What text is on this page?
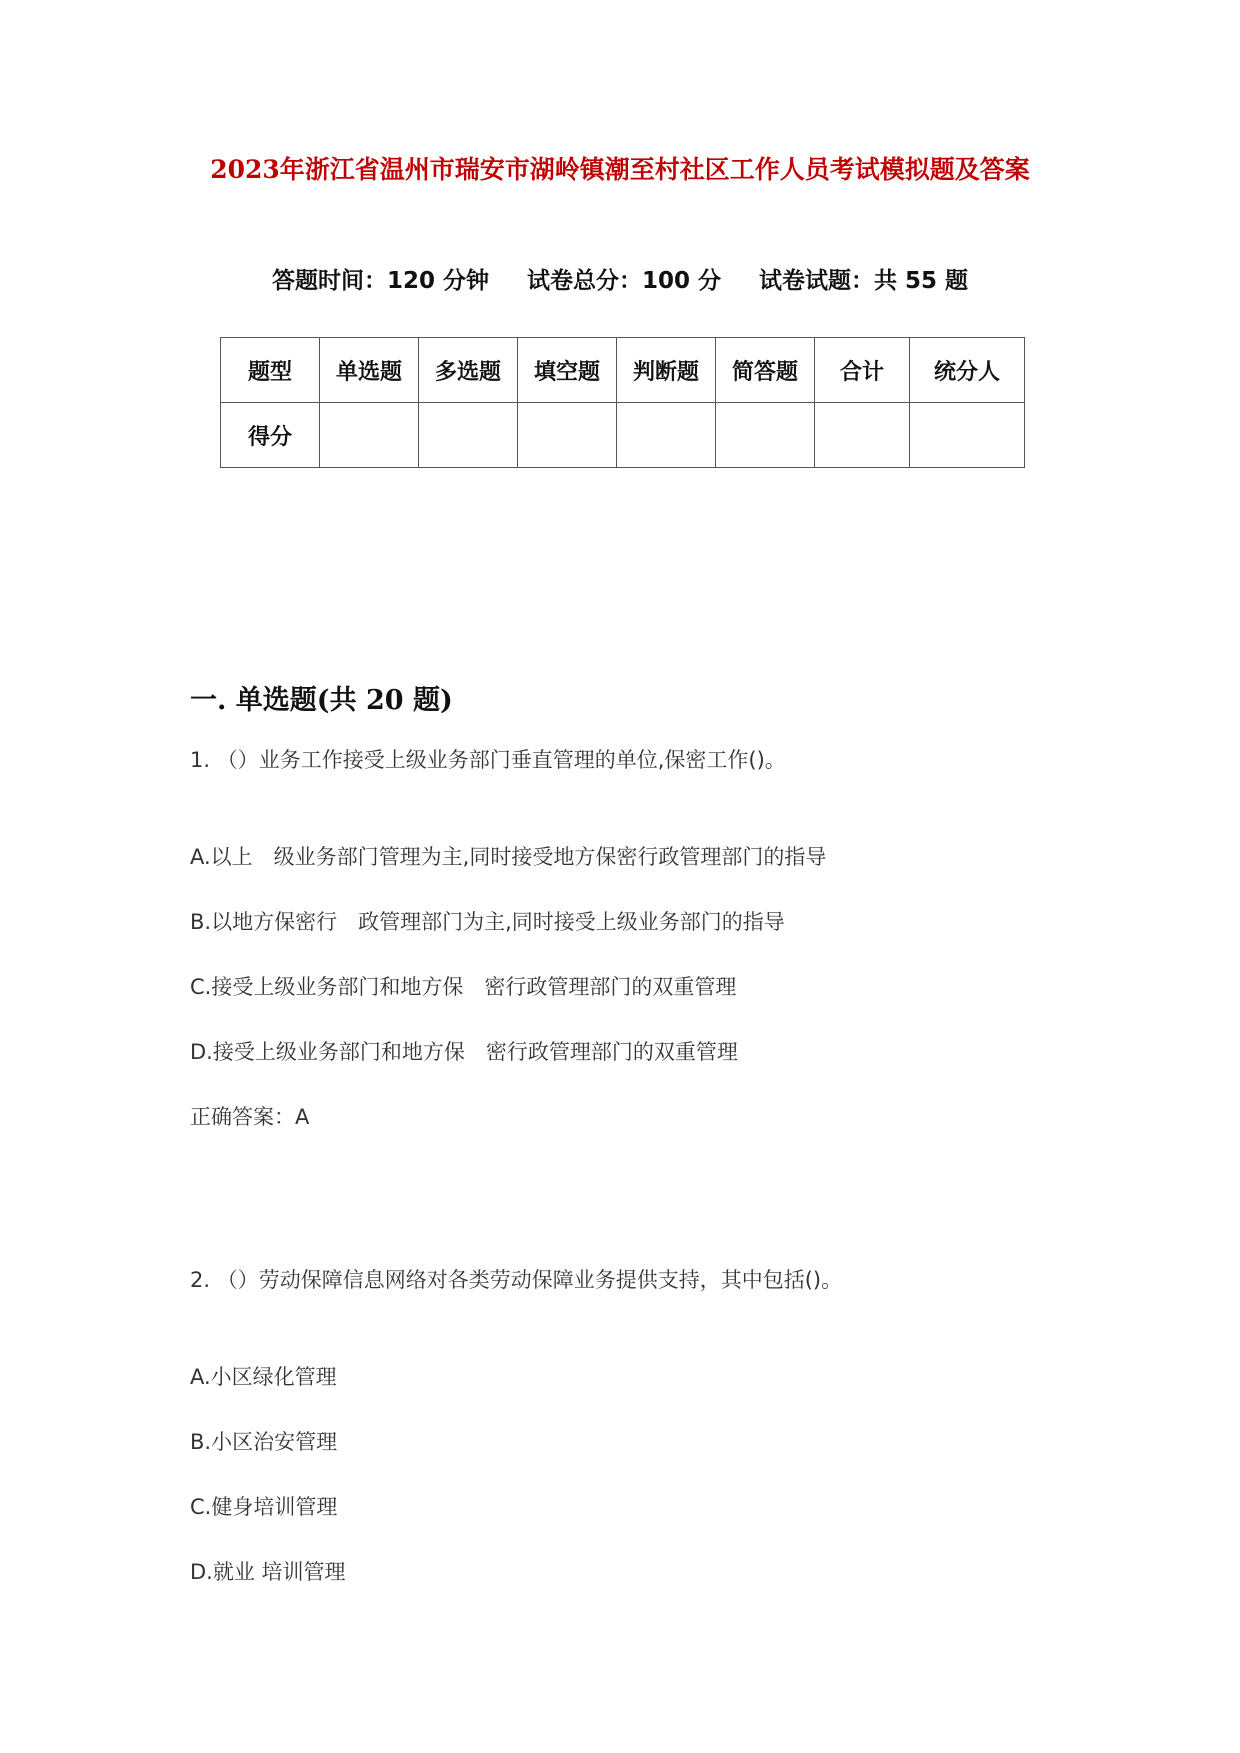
2023年浙江省温州市瑞安市湖岭镇潮至村社区工作人员考试模拟题及答案
答题时间：120 分钟 试卷总分：100 分 试卷试题：共 55 题
题型	单选题	多选题	填空题	判断题	简答题	合计	统分人
得分							
一. 单选题(共 20 题)
1. （）业务工作接受上级业务部门垂直管理的单位,保密工作()。
A.以上　级业务部门管理为主,同时接受地方保密行政管理部门的指导
B.以地方保密行　政管理部门为主,同时接受上级业务部门的指导
C.接受上级业务部门和地方保　密行政管理部门的双重管理
D.接受上级业务部门和地方保　密行政管理部门的双重管理
正确答案：A
2. （）劳动保障信息网络对各类劳动保障业务提供支持，其中包括()。
A.小区绿化管理
B.小区治安管理
C.健身培训管理
D.就业 培训管理
